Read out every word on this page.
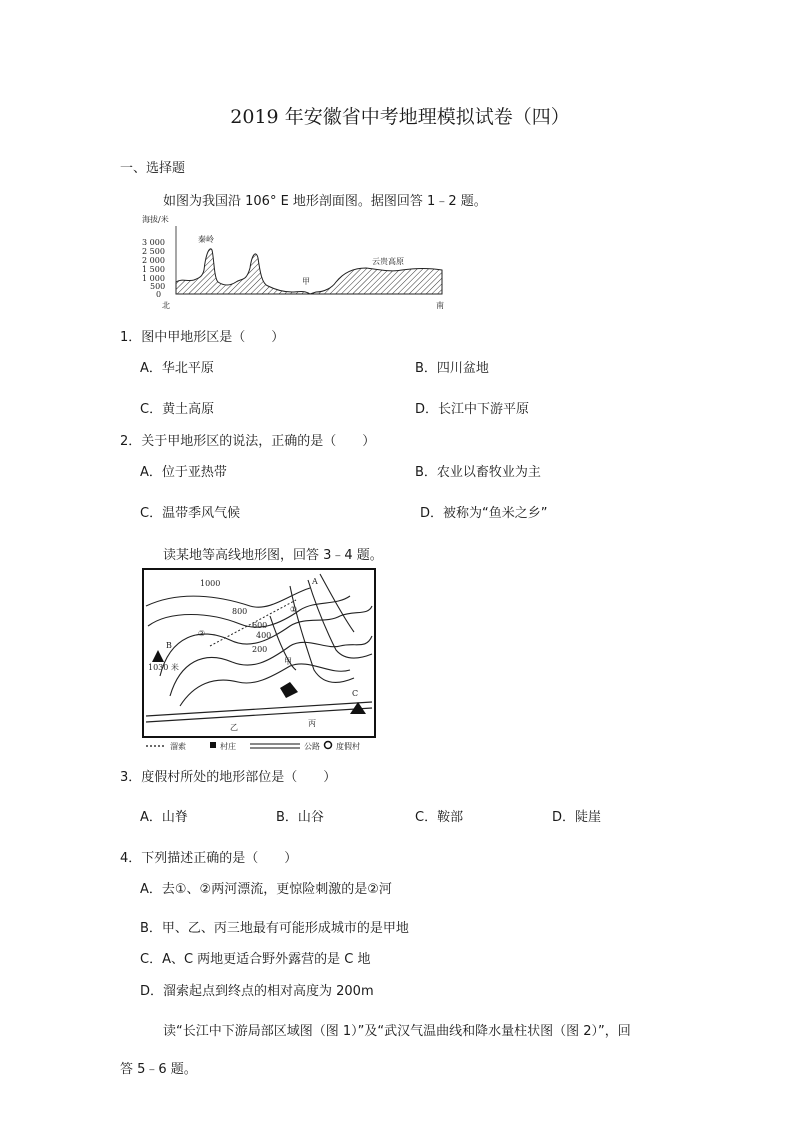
2019 年安徽省中考地理模拟试卷（四）
一、选择题
如图为我国沿 106° E 地形剖面图。据图回答 1﹣2 题。
海拔/米
3 000
2 500
2 000
1 500
1 000
500
0
秦岭
甲
云贵高原
北	南
1．图中甲地形区是（　　）
A．华北平原	B．四川盆地
C．黄土高原	D．长江中下游平原
2．关于甲地形区的说法，正确的是（　　）
A．位于亚热带	B．农业以畜牧业为主
C．温带季风气候	D．被称为“鱼米之乡”
读某地等高线地形图，回答 3﹣4 题。
1000
800
600
400
200
①
②
甲
乙	丙
1030 米
A
B
C
溜索	村庄	公路 度假村
3．度假村所处的地形部位是（　　）
A．山脊	B．山谷	C．鞍部	D．陡崖
4．下列描述正确的是（　　）
A．去①、②两河漂流，更惊险刺激的是②河
B．甲、乙、丙三地最有可能形成城市的是甲地
C．A、C 两地更适合野外露营的是 C 地
D．溜索起点到终点的相对高度为 200m
读“长江中下游局部区域图（图 1）”及“武汉气温曲线和降水量柱状图（图 2）”，回
答 5﹣6 题。
